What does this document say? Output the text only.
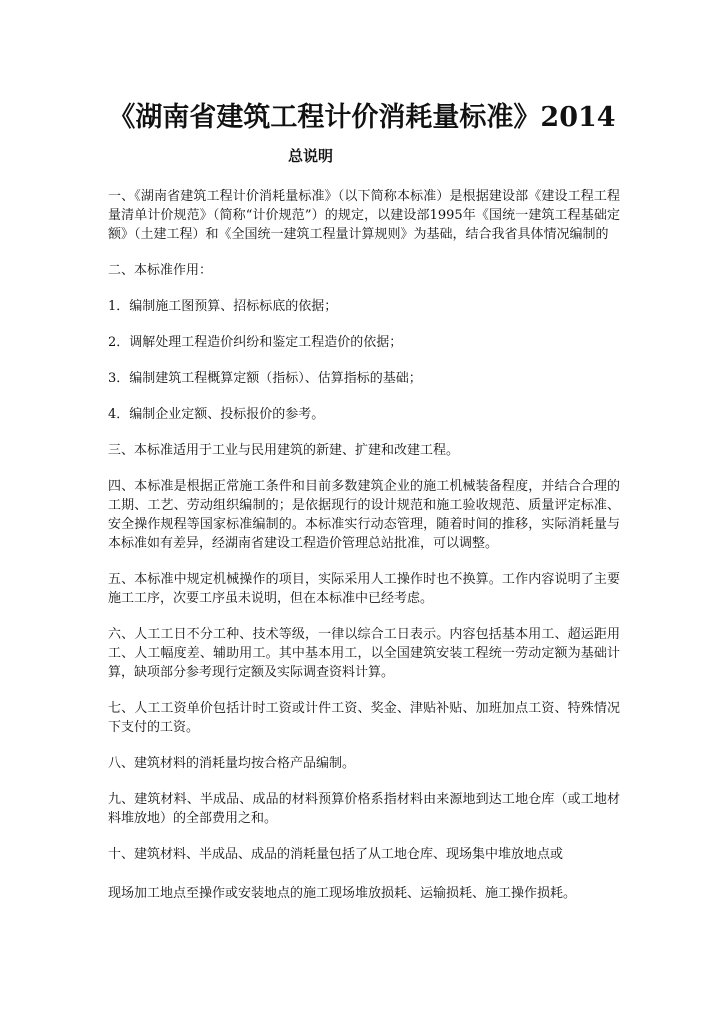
《湖南省建筑工程计价消耗量标准》2014
总说明

一、《湖南省建筑工程计价消耗量标准》（以下简称本标准）是根据建设部《建设工程工程量清单计价规范》（简称“计价规范”）的规定，以建设部1995年《国统一建筑工程基础定额》（土建工程）和《全国统一建筑工程量计算规则》为基础，结合我省具体情况编制的

二、本标准作用：

1．编制施工图预算、招标标底的依据；

2．调解处理工程造价纠纷和鉴定工程造价的依据；

3．编制建筑工程概算定额（指标）、估算指标的基础；

4．编制企业定额、投标报价的参考。

三、本标准适用于工业与民用建筑的新建、扩建和改建工程。

四、本标准是根据正常施工条件和目前多数建筑企业的施工机械装备程度，并结合合理的工期、工艺、劳动组织编制的；是依据现行的设计规范和施工验收规范、质量评定标准、安全操作规程等国家标准编制的。本标准实行动态管理，随着时间的推移，实际消耗量与本标准如有差异，经湖南省建设工程造价管理总站批准，可以调整。

五、本标准中规定机械操作的项目，实际采用人工操作时也不换算。工作内容说明了主要施工工序，次要工序虽未说明，但在本标准中已经考虑。

六、人工工日不分工种、技术等级，一律以综合工日表示。内容包括基本用工、超运距用工、人工幅度差、辅助用工。其中基本用工，以全国建筑安装工程统一劳动定额为基础计算，缺项部分参考现行定额及实际调查资料计算。

七、人工工资单价包括计时工资或计件工资、奖金、津贴补贴、加班加点工资、特殊情况下支付的工资。

八、建筑材料的消耗量均按合格产品编制。

九、建筑材料、半成品、成品的材料预算价格系指材料由来源地到达工地仓库（或工地材料堆放地）的全部费用之和。

十、建筑材料、半成品、成品的消耗量包括了从工地仓库、现场集中堆放地点或

现场加工地点至操作或安装地点的施工现场堆放损耗、运输损耗、施工操作损耗。
